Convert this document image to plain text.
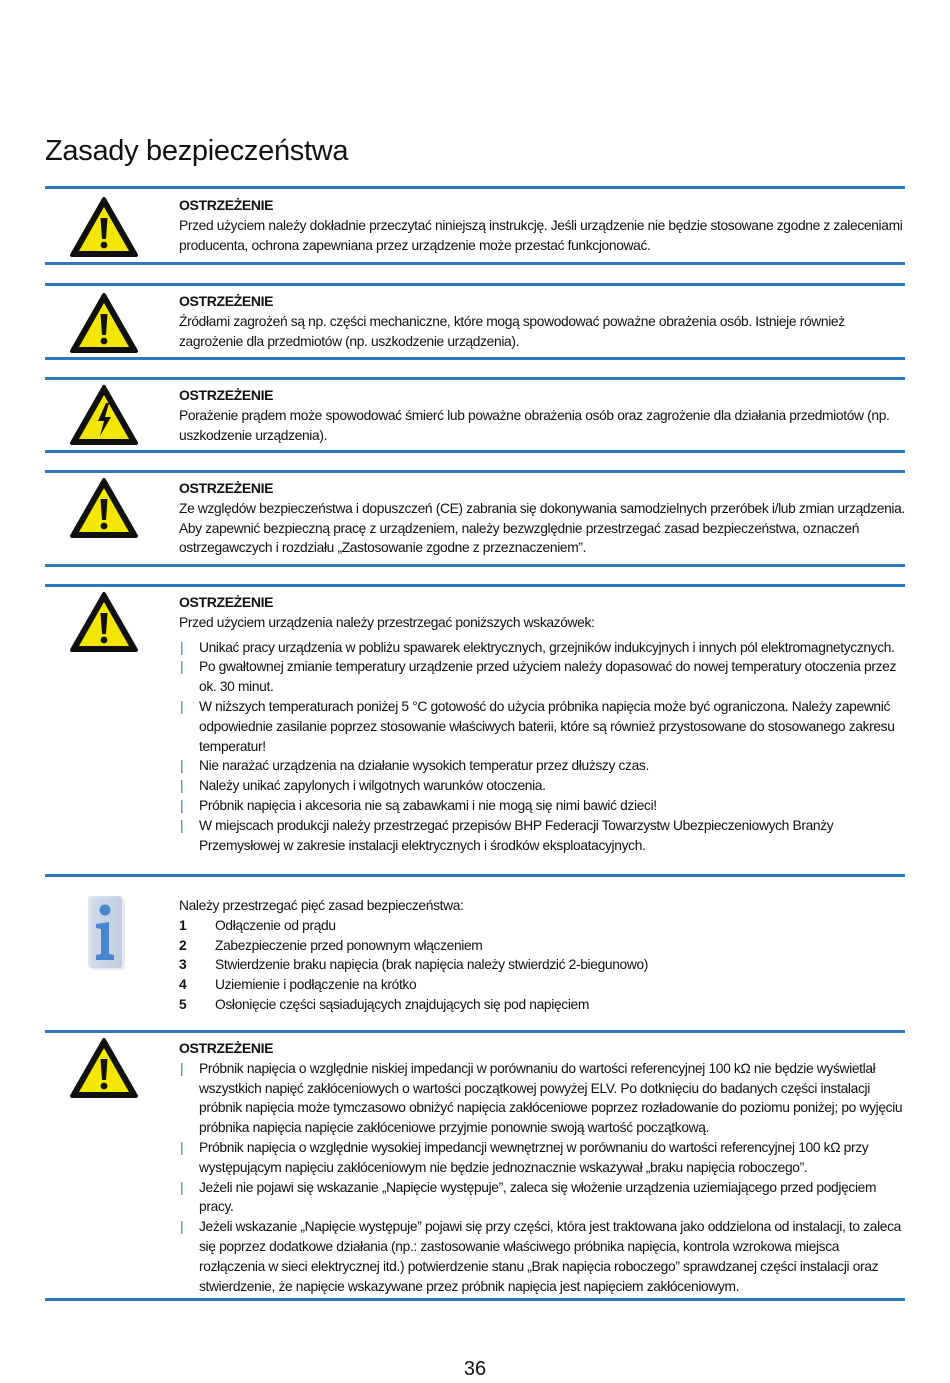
Zasady bezpieczeństwa
OSTRZEŻENIE

Przed użyciem należy dokładnie przeczytać niniejszą instrukcję. Jeśli urządzenie nie będzie stosowane zgodne z zaleceniami producenta, ochrona zapewniana przez urządzenie może przestać funkcjonować.

OSTRZEŻENIE

Źródłami zagrożeń są np. części mechaniczne, które mogą spowodować poważne obrażenia osób. Istnieje również zagrożenie dla przedmiotów (np. uszkodzenie urządzenia).

OSTRZEŻENIE

Porażenie prądem może spowodować śmierć lub poważne obrażenia osób oraz zagrożenie dla działania przedmiotów (np. uszkodzenie urządzenia).

OSTRZEŻENIE

Ze względów bezpieczeństwa i dopuszczeń (CE) zabrania się dokonywania samodzielnych przeróbek i/lub zmian urządzenia. Aby zapewnić bezpieczną pracę z urządzeniem, należy bezwzględnie przestrzegać zasad bezpieczeństwa, oznaczeń ostrzegawczych i rozdziału „Zastosowanie zgodne z przeznaczeniem”.

OSTRZEŻENIE

Przed użyciem urządzenia należy przestrzegać poniższych wskazówek:

| Unikać pracy urządzenia w pobliżu spawarek elektrycznych, grzejników indukcyjnych i innych pól elektromagnetycznych.
| Po gwałtownej zmianie temperatury urządzenie przed użyciem należy dopasować do nowej temperatury otoczenia przez ok. 30 minut.
| W niższych temperaturach poniżej 5 °C gotowość do użycia próbnika napięcia może być ograniczona. Należy zapewnić odpowiednie zasilanie poprzez stosowanie właściwych baterii, które są również przystosowane do stosowanego zakresu temperatur!
| Nie narażać urządzenia na działanie wysokich temperatur przez dłuższy czas.
| Należy unikać zapylonych i wilgotnych warunków otoczenia.
| Próbnik napięcia i akcesoria nie są zabawkami i nie mogą się nimi bawić dzieci!
| W miejscach produkcji należy przestrzegać przepisów BHP Federacji Towarzystw Ubezpieczeniowych Branży Przemysłowej w zakresie instalacji elektrycznych i środków eksploatacyjnych.

Należy przestrzegać pięć zasad bezpieczeństwa:

1 Odłączenie od prądu
2 Zabezpieczenie przed ponownym włączeniem
3 Stwierdzenie braku napięcia (brak napięcia należy stwierdzić 2-biegunowo)
4 Uziemienie i podłączenie na krótko
5 Osłonięcie części sąsiadujących znajdujących się pod napięciem
OSTRZEŻENIE
| Próbnik napięcia o względnie niskiej impedancji w porównaniu do wartości referencyjnej 100 kΩ nie będzie wyświetlał wszystkich napięć zakłóceniowych o wartości początkowej powyżej ELV. Po dotknięciu do badanych części instalacji próbnik napięcia może tymczasowo obniżyć napięcia zakłóceniowe poprzez rozładowanie do poziomu poniżej; po wyjęciu próbnika napięcia napięcie zakłóceniowe przyjmie ponownie swoją wartość początkową.
| Próbnik napięcia o względnie wysokiej impedancji wewnętrznej w porównaniu do wartości referencyjnej 100 kΩ przy występującym napięciu zakłóceniowym nie będzie jednoznacznie wskazywał „braku napięcia roboczego”.
| Jeżeli nie pojawi się wskazanie „Napięcie występuje”, zaleca się włożenie urządzenia uziemiającego przed podjęciem pracy.
| Jeżeli wskazanie „Napięcie występuje” pojawi się przy części, która jest traktowana jako oddzielona od instalacji, to zaleca się poprzez dodatkowe działania (np.: zastosowanie właściwego próbnika napięcia, kontrola wzrokowa miejsca rozłączenia w sieci elektrycznej itd.) potwierdzenie stanu „Brak napięcia roboczego” sprawdzanej części instalacji oraz stwierdzenie, że napięcie wskazywane przez próbnik napięcia jest napięciem zakłóceniowym.
36
